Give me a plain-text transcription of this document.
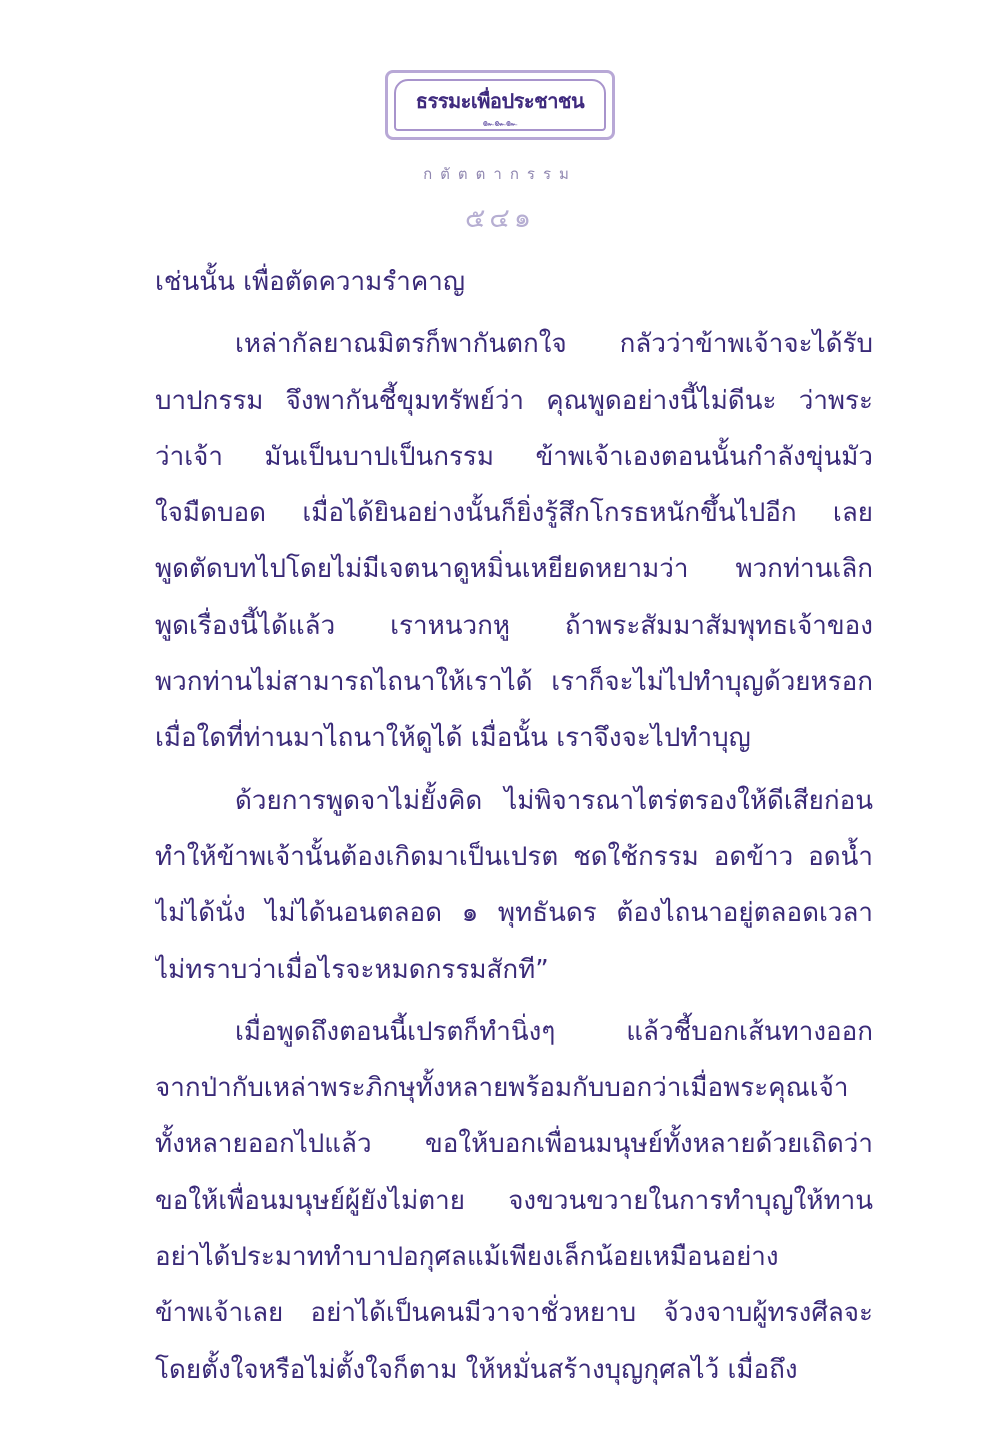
ธรรมะเพื่อประชาชน
๛๛๛
กตัตตากรรม
๕๔๑
เช่นนั้น เพื่อตัดความรำคาญ
เหล่ากัลยาณมิตรก็พากันตกใจ กลัวว่าข้าพเจ้าจะได้รับ
บาปกรรม จึงพากันชี้ขุมทรัพย์ว่า คุณพูดอย่างนี้ไม่ดีนะ ว่าพระ
ว่าเจ้า มันเป็นบาปเป็นกรรม ข้าพเจ้าเองตอนนั้นกำลังขุ่นมัว
ใจมืดบอด เมื่อได้ยินอย่างนั้นก็ยิ่งรู้สึกโกรธหนักขึ้นไปอีก เลย
พูดตัดบทไปโดยไม่มีเจตนาดูหมิ่นเหยียดหยามว่า พวกท่านเลิก
พูดเรื่องนี้ได้แล้ว เราหนวกหู ถ้าพระสัมมาสัมพุทธเจ้าของ
พวกท่านไม่สามารถไถนาให้เราได้ เราก็จะไม่ไปทำบุญด้วยหรอก
เมื่อใดที่ท่านมาไถนาให้ดูได้ เมื่อนั้น เราจึงจะไปทำบุญ
ด้วยการพูดจาไม่ยั้งคิด ไม่พิจารณาไตร่ตรองให้ดีเสียก่อน
ทำให้ข้าพเจ้านั้นต้องเกิดมาเป็นเปรต ชดใช้กรรม อดข้าว อดน้ำ
ไม่ได้นั่ง ไม่ได้นอนตลอด ๑ พุทธันดร ต้องไถนาอยู่ตลอดเวลา
ไม่ทราบว่าเมื่อไรจะหมดกรรมสักที”
เมื่อพูดถึงตอนนี้เปรตก็ทำนิ่งๆ แล้วชี้บอกเส้นทางออก
จากป่ากับเหล่าพระภิกษุทั้งหลายพร้อมกับบอกว่าเมื่อพระคุณเจ้า
ทั้งหลายออกไปแล้ว ขอให้บอกเพื่อนมนุษย์ทั้งหลายด้วยเถิดว่า
ขอให้เพื่อนมนุษย์ผู้ยังไม่ตาย จงขวนขวายในการทำบุญให้ทาน
อย่าได้ประมาททำบาปอกุศลแม้เพียงเล็กน้อยเหมือนอย่าง
ข้าพเจ้าเลย อย่าได้เป็นคนมีวาจาชั่วหยาบ จ้วงจาบผู้ทรงศีลจะ
โดยตั้งใจหรือไม่ตั้งใจก็ตาม ให้หมั่นสร้างบุญกุศลไว้ เมื่อถึง
